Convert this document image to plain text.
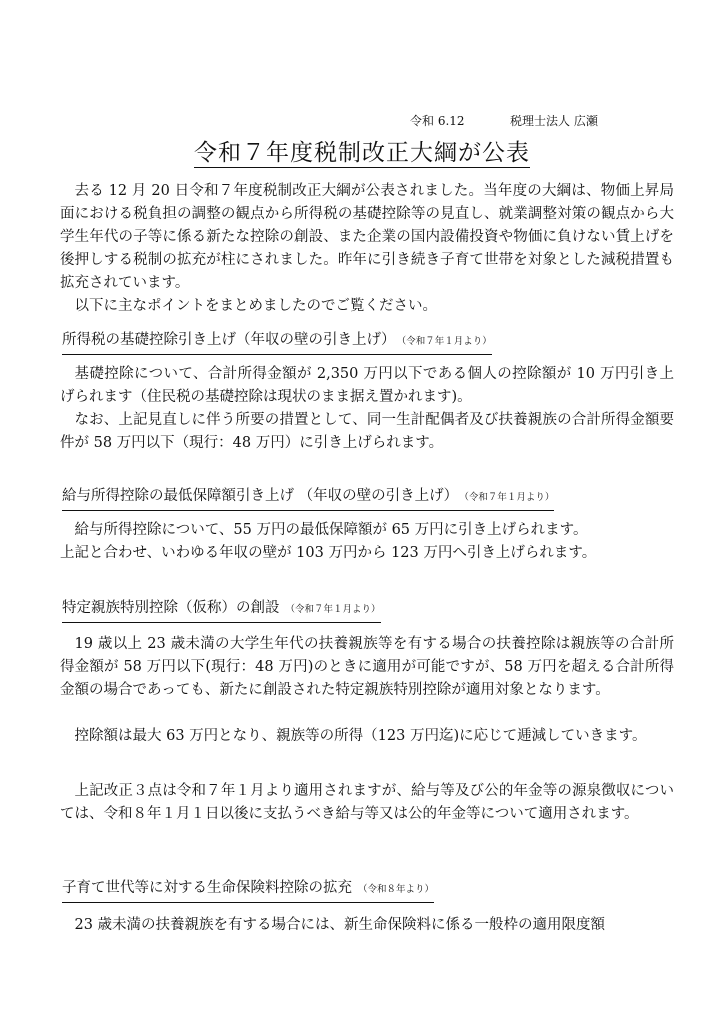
令和 6.12	税理士法人 広瀬
令和７年度税制改正大綱が公表

去る 12 月 20 日令和７年度税制改正大綱が公表されました。当年度の大綱は、物価上昇局面における税負担の調整の観点から所得税の基礎控除等の見直し、就業調整対策の観点から大学生年代の子等に係る新たな控除の創設、また企業の国内設備投資や物価に負けない賃上げを後押しする税制の拡充が柱にされました。昨年に引き続き子育て世帯を対象とした減税措置も拡充されています。

以下に主なポイントをまとめましたのでご覧ください。

所得税の基礎控除引き上げ（年収の壁の引き上げ） （令和７年１月より）

基礎控除について、合計所得金額が 2,350 万円以下である個人の控除額が 10 万円引き上げられます（住民税の基礎控除は現状のまま据え置かれます)。

なお、上記見直しに伴う所要の措置として、同一生計配偶者及び扶養親族の合計所得金額要件が 58 万円以下（現行：48 万円）に引き上げられます。

給与所得控除の最低保障額引き上げ （年収の壁の引き上げ） （令和７年１月より）

給与所得控除について、55 万円の最低保障額が 65 万円に引き上げられます。

上記と合わせ、いわゆる年収の壁が 103 万円から 123 万円へ引き上げられます。

特定親族特別控除（仮称）の創設 （令和７年１月より）

19 歳以上 23 歳未満の大学生年代の扶養親族等を有する場合の扶養控除は親族等の合計所得金額が 58 万円以下(現行：48 万円)のときに適用が可能ですが、58 万円を超える合計所得金額の場合であっても、新たに創設された特定親族特別控除が適用対象となります。

控除額は最大 63 万円となり、親族等の所得（123 万円迄)に応じて逓減していきます。

上記改正３点は令和７年１月より適用されますが、給与等及び公的年金等の源泉徴収については、令和８年１月１日以後に支払うべき給与等又は公的年金等について適用されます。

子育て世代等に対する生命保険料控除の拡充 （令和８年より）

23 歳未満の扶養親族を有する場合には、新生命保険料に係る一般枠の適用限度額
